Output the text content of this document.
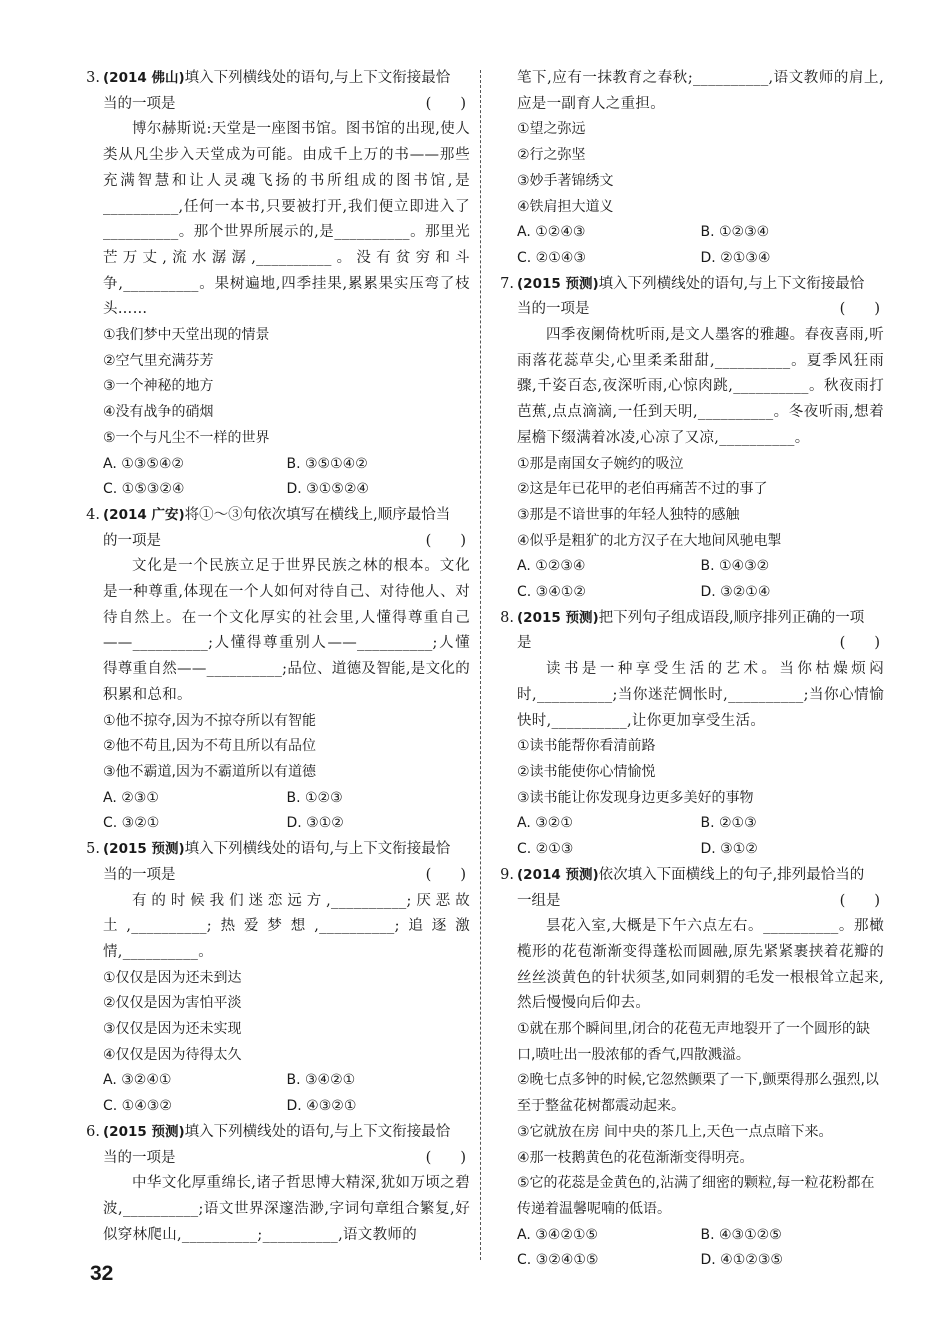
3. (2014 佛山)填入下列横线处的语句,与上下文衔接最恰
当的一项是	(　　)
博尔赫斯说:天堂是一座图书馆。图书馆的出现,使人类从凡尘步入天堂成为可能。由成千上万的书——那些充满智慧和让人灵魂飞扬的书所组成的图书馆,是__________,任何一本书,只要被打开,我们便立即进入了__________。那个世界所展示的,是__________。那里光芒万丈,流水潺潺,__________。没有贫穷和斗争,__________。果树遍地,四季挂果,累累果实压弯了枝头……
①我们梦中天堂出现的情景
②空气里充满芬芳
③一个神秘的地方
④没有战争的硝烟
⑤一个与凡尘不一样的世界
A. ①③⑤④②	B. ③⑤①④②
C. ①⑤③②④	D. ③①⑤②④
4. (2014 广安)将①～③句依次填写在横线上,顺序最恰当
的一项是	(　　)
文化是一个民族立足于世界民族之林的根本。文化是一种尊重,体现在一个人如何对待自己、对待他人、对待自然上。在一个文化厚实的社会里,人懂得尊重自己——__________;人懂得尊重别人——__________;人懂得尊重自然——__________;品位、道德及智能,是文化的积累和总和。
①他不掠夺,因为不掠夺所以有智能
②他不苟且,因为不苟且所以有品位
③他不霸道,因为不霸道所以有道德
A. ②③①	B. ①②③
C. ③②①	D. ③①②
5. (2015 预测)填入下列横线处的语句,与上下文衔接最恰
当的一项是	(　　)
有的时候我们迷恋远方,__________;厌恶故土,__________;热爱梦想,__________;追逐激情,__________。
①仅仅是因为还未到达
②仅仅是因为害怕平淡
③仅仅是因为还未实现
④仅仅是因为待得太久
A. ③②④①	B. ③④②①
C. ①④③②	D. ④③②①
6. (2015 预测)填入下列横线处的语句,与上下文衔接最恰
当的一项是	(　　)
中华文化厚重绵长,诸子哲思博大精深,犹如万顷之碧波,__________;语文世界深邃浩渺,字词句章组合繁复,好似穿林爬山,__________;__________,语文教师的
笔下,应有一抹教育之春秋;__________,语文教师的肩上,应是一副育人之重担。
①望之弥远
②行之弥坚
③妙手著锦绣文
④铁肩担大道义
A. ①②④③	B. ①②③④
C. ②①④③	D. ②①③④
7. (2015 预测)填入下列横线处的语句,与上下文衔接最恰
当的一项是	(　　)
四季夜阑倚枕听雨,是文人墨客的雅趣。春夜喜雨,听雨落花蕊草尖,心里柔柔甜甜,__________。夏季风狂雨骤,千姿百态,夜深听雨,心惊肉跳,__________。秋夜雨打芭蕉,点点滴滴,一任到天明,__________。冬夜听雨,想着屋檐下缀满着冰凌,心凉了又凉,__________。
①那是南国女子婉约的吸泣
②这是年已花甲的老伯再痛苦不过的事了
③那是不谙世事的年轻人独特的感触
④似乎是粗犷的北方汉子在大地间风驰电掣
A. ①②③④	B. ①④③②
C. ③④①②	D. ③②①④
8. (2015 预测)把下列句子组成语段,顺序排列正确的一项
是	(　　)
读书是一种享受生活的艺术。当你枯燥烦闷时,__________;当你迷茫惆怅时,__________;当你心情愉快时,__________,让你更加享受生活。
①读书能帮你看清前路
②读书能使你心情愉悦
③读书能让你发现身边更多美好的事物
A. ③②①	B. ②①③
C. ②①③	D. ③①②
9. (2014 预测)依次填入下面横线上的句子,排列最恰当的
一组是	(　　)
昙花入室,大概是下午六点左右。__________。那橄榄形的花苞渐渐变得蓬松而圆融,原先紧紧裹挟着花瓣的丝丝淡黄色的针状须茎,如同刺猬的毛发一根根耸立起来,然后慢慢向后仰去。
①就在那个瞬间里,闭合的花苞无声地裂开了一个圆形的缺口,喷吐出一股浓郁的香气,四散溅溢。
②晚七点多钟的时候,它忽然颤栗了一下,颤栗得那么强烈,以至于整盆花树都震动起来。
③它就放在房 间中央的茶几上,天色一点点暗下来。
④那一枝鹅黄色的花苞渐渐变得明亮。
⑤它的花蕊是金黄色的,沾满了细密的颗粒,每一粒花粉都在传递着温馨呢喃的低语。
A. ③④②①⑤	B. ④③①②⑤
C. ③②④①⑤	D. ④①②③⑤
32
